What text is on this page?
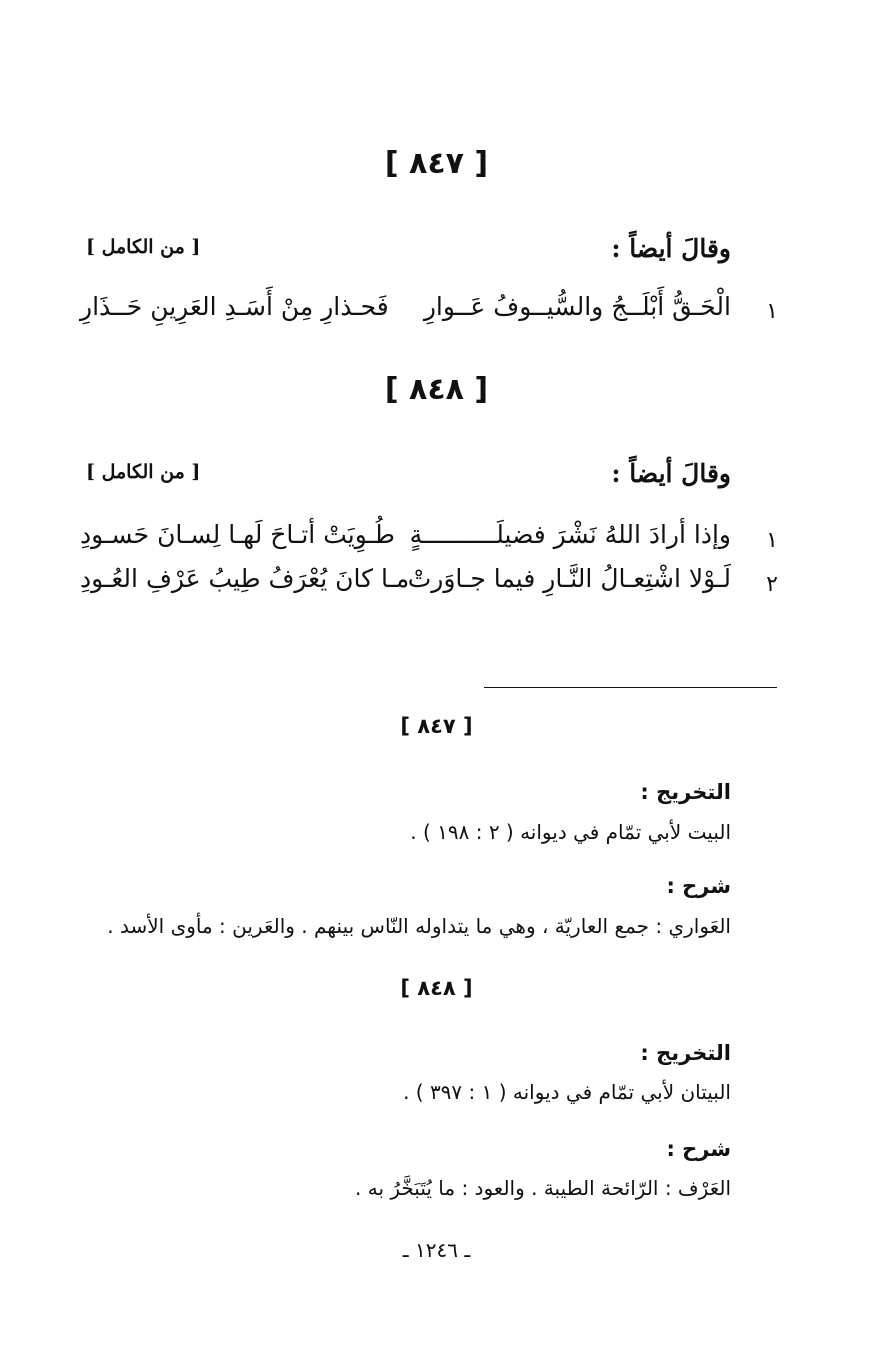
[ ٨٤٧ ]
وقالَ أيضاً :
[ من الكامل ]
١
الْحَـقُّ أَبْلَــجُ والسُّيــوفُ عَــوارِ
فَحـذارِ مِنْ أَسَـدِ العَرِينِ حَــذَارِ
[ ٨٤٨ ]
وقالَ أيضاً :
[ من الكامل ]
١
وإذا أرادَ اللهُ نَشْرَ فضيلَــــــــــةٍ
طُـوِيَتْ أتـاحَ لَهـا لِسـانَ حَسـودِ
٢
لَـوْلا اشْتِعـالُ النَّـارِ فيما جـاوَرتْ
مـا كانَ يُعْرَفُ طِيبُ عَرْفِ العُـودِ
[ ٨٤٧ ]
التخريج :
البيت لأبي تمّام في ديوانه ( ٢ : ١٩٨ ) .
شرح :
العَواري : جمع العاريّة ، وهي ما يتداوله النّاس بينهم . والعَرين : مأوى الأسد .
[ ٨٤٨ ]
التخريج :
البيتان لأبي تمّام في ديوانه ( ١ : ٣٩٧ ) .
شرح :
العَرْف : الرّائحة الطيبة . والعود : ما يُتَبَخَّرُ به .
ـ ١٢٤٦ ـ
